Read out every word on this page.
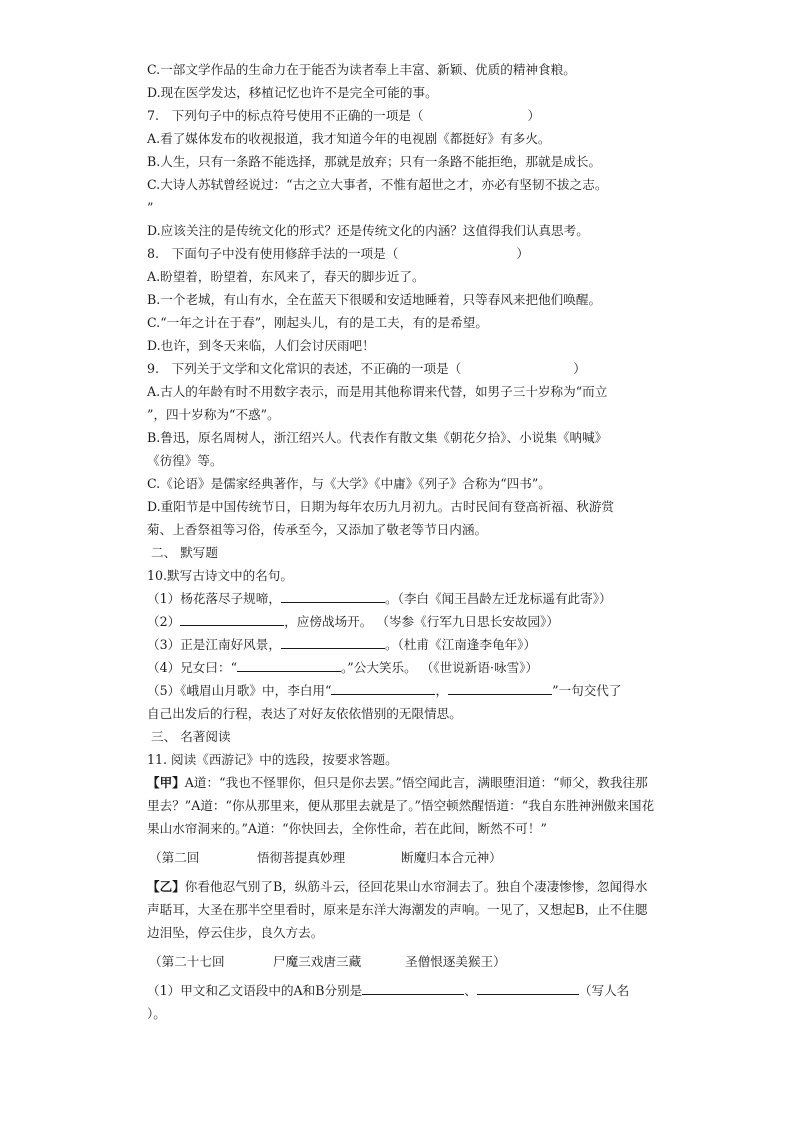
C.一部文学作品的生命力在于能否为读者奉上丰富、新颖、优质的精神食粮。
D.现在医学发达，移植记忆也许不是完全可能的事。
7.　下列句子中的标点符号使用不正确的一项是（	）
A.看了媒体发布的收视报道，我才知道今年的电视剧《都挺好》有多火。
B.人生，只有一条路不能选择，那就是放弃；只有一条路不能拒绝，那就是成长。
C.大诗人苏轼曾经说过：“古之立大事者，不惟有超世之才，亦必有坚韧不拔之志。
”
D.应该关注的是传统文化的形式？还是传统文化的内涵？这值得我们认真思考。
8.　下面句子中没有使用修辞手法的一项是（	）
A.盼望着，盼望着，东风来了，春天的脚步近了。
B.一个老城，有山有水，全在蓝天下很暖和安适地睡着，只等春风来把他们唤醒。
C.“一年之计在于春”，刚起头儿，有的是工夫，有的是希望。
D.也许，到冬天来临，人们会讨厌雨吧！
9.　下列关于文学和文化常识的表述，不正确的一项是（	）
A.古人的年龄有时不用数字表示，而是用其他称谓来代替，如男子三十岁称为“而立
”，四十岁称为“不惑”。
B.鲁迅，原名周树人，浙江绍兴人。代表作有散文集《朝花夕拾》、小说集《呐喊》
《彷徨》等。
C.《论语》是儒家经典著作，与《大学》《中庸》《列子》合称为“四书”。
D.重阳节是中国传统节日，日期为每年农历九月初九。古时民间有登高祈福、秋游赏
菊、上香祭祖等习俗，传承至今，又添加了敬老等节日内涵。
二、 默写题
10.默写古诗文中的名句。
（1）杨花落尽子规啼，	。（李白《闻王昌龄左迁龙标遥有此寄》）
（2）	，应傍战场开。 （岑参《行军九日思长安故园》）
（3）正是江南好风景，	。（杜甫《江南逢李龟年》）
（4）兄女曰：“	。”公大笑乐。 （《世说新语·咏雪》）
（5）《峨眉山月歌》中，李白用“	，	”一句交代了
自己出发后的行程，表达了对好友依依惜别的无限情思。
三、 名著阅读
11. 阅读《西游记》中的选段，按要求答题。
【甲】A道：“我也不怪罪你，但只是你去罢。”悟空闻此言，满眼堕泪道：“师父，教我往那里去？”A道：“你从那里来，便从那里去就是了。”悟空顿然醒悟道：“我自东胜神洲傲来国花果山水帘洞来的。”A道：“你快回去，全你性命，若在此间，断然不可！”
（第二回	悟彻菩提真妙理	断魔归本合元神）
【乙】你看他忍气别了B，纵筋斗云，径回花果山水帘洞去了。独自个凄凄惨惨，忽闻得水声聒耳，大圣在那半空里看时，原来是东洋大海潮发的声响。一见了，又想起B，止不住腮边泪坠，停云住步，良久方去。
（第二十七回	尸魔三戏唐三藏	圣僧恨逐美猴王）
（1）甲文和乙文语段中的A和B分别是	、	（写人名
）。
